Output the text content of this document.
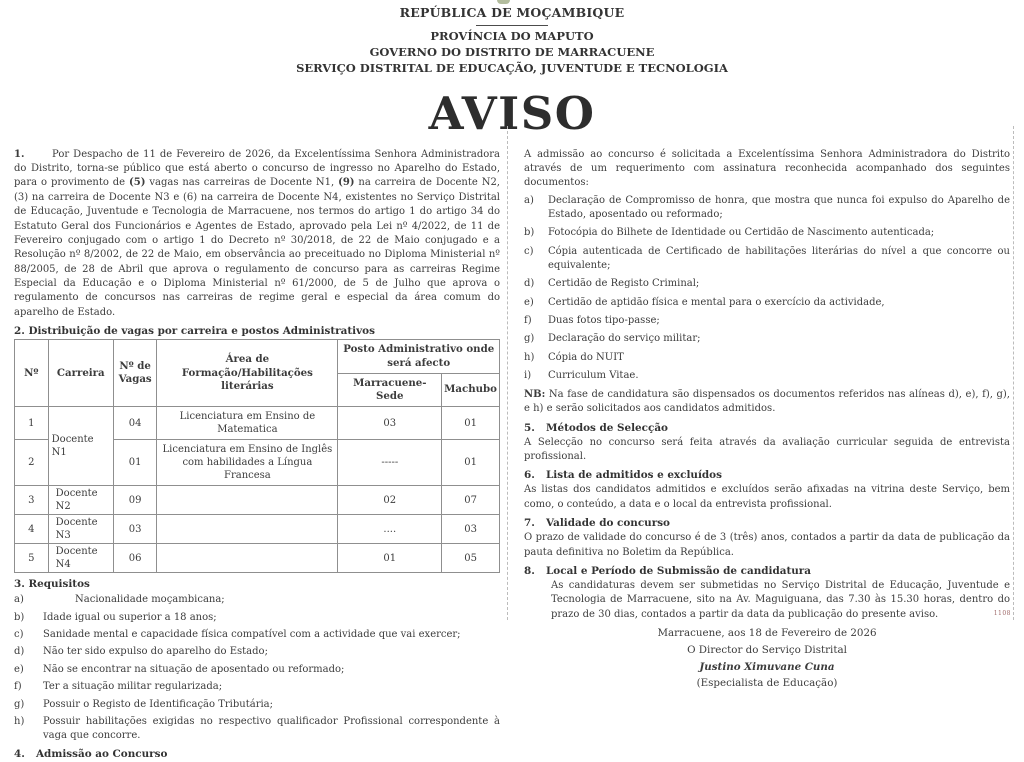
REPÚBLICA DE MOÇAMBIQUE
PROVÍNCIA DO MAPUTO
GOVERNO DO DISTRITO DE MARRACUENE
SERVIÇO DISTRITAL DE EDUCAÇÃO, JUVENTUDE E TECNOLOGIA
AVISO

1.	Por Despacho de 11 de Fevereiro de 2026, da Excelentíssima Senhora Administradora do Distrito, torna-se público que está aberto o concurso de ingresso no Aparelho do Estado, para o provimento de (5) vagas nas carreiras de Docente N1, (9) na carreira de Docente N2, (3) na carreira de Docente N3 e (6) na carreira de Docente N4, existentes no Serviço Distrital de Educação, Juventude e Tecnologia de Marracuene, nos termos do artigo 1 do artigo 34 do Estatuto Geral dos Funcionários e Agentes de Estado, aprovado pela Lei nº 4/2022, de 11 de Fevereiro conjugado com o artigo 1 do Decreto nº 30/2018, de 22 de Maio conjugado e a Resolução nº 8/2002, de 22 de Maio, em observância ao preceituado no Diploma Ministerial nº 88/2005, de 28 de Abril que aprova o regulamento de concurso para as carreiras Regime Especial da Educação e o Diploma Ministerial nº 61/2000, de 5 de Julho que aprova o regulamento de concursos nas carreiras de regime geral e especial da área comum do aparelho de Estado.

2. Distribuição de vagas por carreira e postos Administrativos
Nº	Carreira	Nº de Vagas	Área de Formação/Habilitações literárias	Posto Administrativo onde será afecto	
				Marracuene-Sede	Machubo
1	Docente N1	04	Licenciatura em Ensino de Matematica	03	01
2		01	Licenciatura em Ensino de Inglês com habilidades a Língua Francesa	-----	01
3	Docente N2	09		02	07
4	Docente N3	03		....	03
5	Docente N4	06		01	05
3. Requisitos
a)	Nacionalidade moçambicana;
b)	Idade igual ou superior a 18 anos;
c)	Sanidade mental e capacidade física compatível com a actividade que vai exercer;
d)	Não ter sido expulso do aparelho do Estado;
e)	Não se encontrar na situação de aposentado ou reformado;
f)	Ter a situação militar regularizada;
g)	Possuir o Registo de Identificação Tributária;
h)	Possuir habilitações exigidas no respectivo qualificador Profissional correspondente à vaga que concorre.
4.	Admissão ao Concurso

A admissão ao concurso é solicitada a Excelentíssima Senhora Administradora do Distrito através de um requerimento com assinatura reconhecida acompanhado dos seguintes documentos:

a)	Declaração de Compromisso de honra, que mostra que nunca foi expulso do Aparelho de Estado, aposentado ou reformado;
b)	Fotocópia do Bilhete de Identidade ou Certidão de Nascimento autenticada;
c)	Cópia autenticada de Certificado de habilitações literárias do nível a que concorre ou equivalente;
d)	Certidão de Registo Criminal;
e)	Certidão de aptidão física e mental para o exercício da actividade,
f)	Duas fotos tipo-passe;
g)	Declaração do serviço militar;
h)	Cópia do NUIT
i)	Curriculum Vitae.

NB: Na fase de candidatura são dispensados os documentos referidos nas alíneas d), e), f), g), e h) e serão solicitados aos candidatos admitidos.

5.	Métodos de Selecção

A Selecção no concurso será feita através da avaliação curricular seguida de entrevista profissional.

6.	Lista de admitidos e excluídos

As listas dos candidatos admitidos e excluídos serão afixadas na vitrina deste Serviço, bem como, o conteúdo, a data e o local da entrevista profissional.

7.	Validade do concurso

O prazo de validade do concurso é de 3 (três) anos, contados a partir da data de publicação da pauta definitiva no Boletim da República.

8.	Local e Período de Submissão de candidatura

As candidaturas devem ser submetidas no Serviço Distrital de Educação, Juventude e Tecnologia de Marracuene, sito na Av. Maguiguana, das 7.30 às 15.30 horas, dentro do prazo de 30 dias, contados a partir da data da publicação do presente aviso.

Marracuene, aos 18 de Fevereiro de 2026
O Director do Serviço Distrital
Justino Ximuvane Cuna
(Especialista de Educação)
1108
